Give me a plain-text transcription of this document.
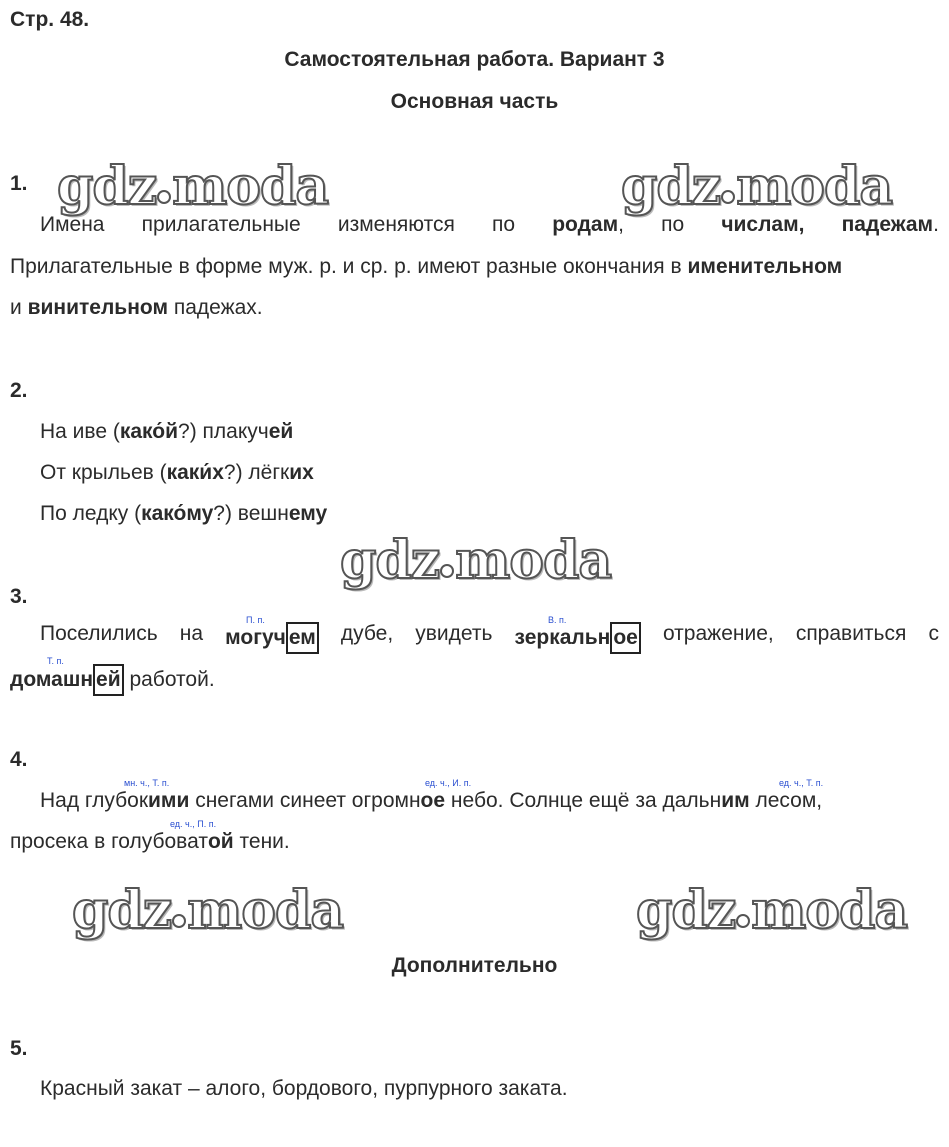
Стр. 48.
Самостоятельная работа. Вариант 3
Основная часть
gdz moda	gdz moda
gdz moda
gdz moda	gdz moda
1.
Имена прилагательные изменяются по родам, по числам, падежам.
Прилагательные в форме муж. р. и ср. р. имеют разные окончания в именительном
и винительном падежах.
2.
На иве (како́й?) плакучей
От крыльев (каки́х?) лёгких
По ледку (како́му?) вешнему
3.
П. п.	В. п.
Т. п.
Поселились на могуч ем дубе, увидеть зеркальн ое отражение, справиться с
домашн ей работой.
4.
мн. ч., Т. п.	ед. ч., И. п.	ед. ч., Т. п.
ед. ч., П. п.
Над глубокими снегами синеет огромное небо. Солнце ещё за дальним лесом,
просека в голубоватой тени.
Дополнительно
5.
Красный закат – алого, бордового, пурпурного заката.
